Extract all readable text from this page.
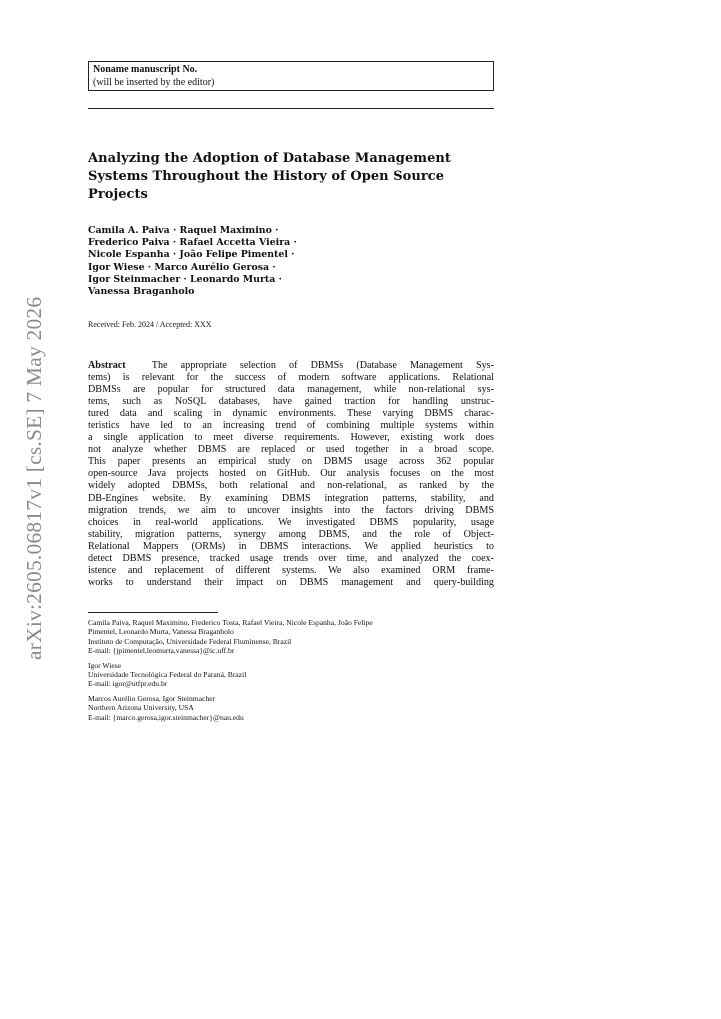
arXiv:2605.06817v1 [cs.SE] 7 May 2026
Noname manuscript No.
(will be inserted by the editor)
Analyzing the Adoption of Database Management
Systems Throughout the History of Open Source
Projects
Camila A. Paiva · Raquel Maximino ·
Frederico Paiva · Rafael Accetta Vieira ·
Nicole Espanha · João Felipe Pimentel ·
Igor Wiese · Marco Aurélio Gerosa ·
Igor Steinmacher · Leonardo Murta ·
Vanessa Braganholo
Received: Feb. 2024 / Accepted: XXX
Abstract	The appropriate selection of DBMSs (Database Management Sys-
tems) is relevant for the success of modern software applications. Relational
DBMSs are popular for structured data management, while non-relational sys-
tems, such as NoSQL databases, have gained traction for handling unstruc-
tured data and scaling in dynamic environments. These varying DBMS charac-
teristics have led to an increasing trend of combining multiple systems within
a single application to meet diverse requirements. However, existing work does
not analyze whether DBMS are replaced or used together in a broad scope.
This paper presents an empirical study on DBMS usage across 362 popular
open-source Java projects hosted on GitHub. Our analysis focuses on the most
widely adopted DBMSs, both relational and non-relational, as ranked by the
DB-Engines website. By examining DBMS integration patterns, stability, and
migration trends, we aim to uncover insights into the factors driving DBMS
choices in real-world applications. We investigated DBMS popularity, usage
stability, migration patterns, synergy among DBMS, and the role of Object-
Relational Mappers (ORMs) in DBMS interactions. We applied heuristics to
detect DBMS presence, tracked usage trends over time, and analyzed the coex-
istence and replacement of different systems. We also examined ORM frame-
works to understand their impact on DBMS management and query-building
Camila Paiva, Raquel Maximino, Frederico Tosta, Rafael Vieira, Nicole Espanha, João Felipe
Pimentel, Leonardo Murta, Vanessa Braganholo
Instituto de Computação, Universidade Federal Fluminense, Brazil
E-mail: {jpimentel,leomurta,vanessa}@ic.uff.br
Igor Wiese
Universidade Tecnológica Federal do Paraná, Brazil
E-mail: igor@utfpr.edu.br
Marcos Aurélio Gerosa, Igor Steinmacher
Northern Arizona University, USA
E-mail: {marco.gerosa,igor.steinmacher}@nau.edu
